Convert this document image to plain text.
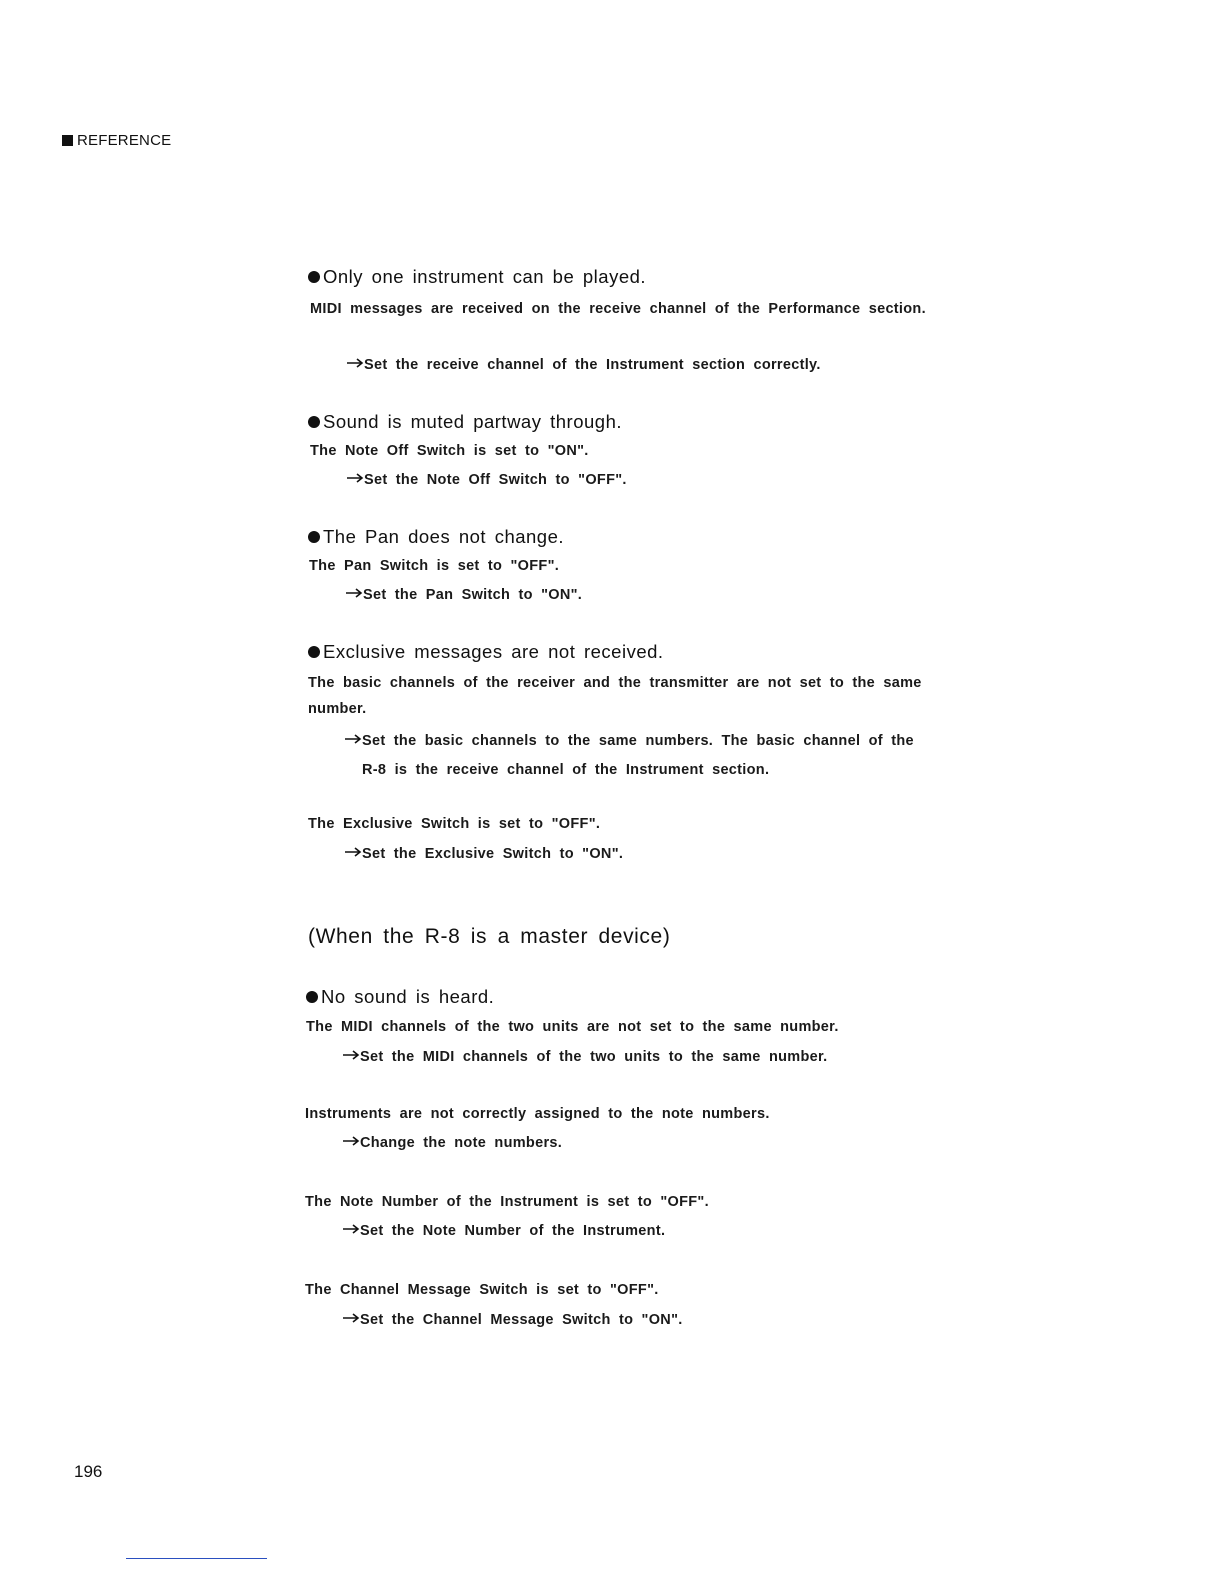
REFERENCE
Only one instrument can be played.
MIDI messages are received on the receive channel of the Performance section.
Set the receive channel of the Instrument section correctly.
Sound is muted partway through.
The Note Off Switch is set to "ON".
Set the Note Off Switch to "OFF".
The Pan does not change.
The Pan Switch is set to "OFF".
Set the Pan Switch to "ON".
Exclusive messages are not received.
The basic channels of the receiver and the transmitter are not set to the same
number.
Set the basic channels to the same numbers. The basic channel of the
R-8 is the receive channel of the Instrument section.
The Exclusive Switch is set to "OFF".
Set the Exclusive Switch to "ON".
(When the R-8 is a master device)
No sound is heard.
The MIDI channels of the two units are not set to the same number.
Set the MIDI channels of the two units to the same number.
Instruments are not correctly assigned to the note numbers.
Change the note numbers.
The Note Number of the Instrument is set to "OFF".
Set the Note Number of the Instrument.
The Channel Message Switch is set to "OFF".
Set the Channel Message Switch to "ON".
196
